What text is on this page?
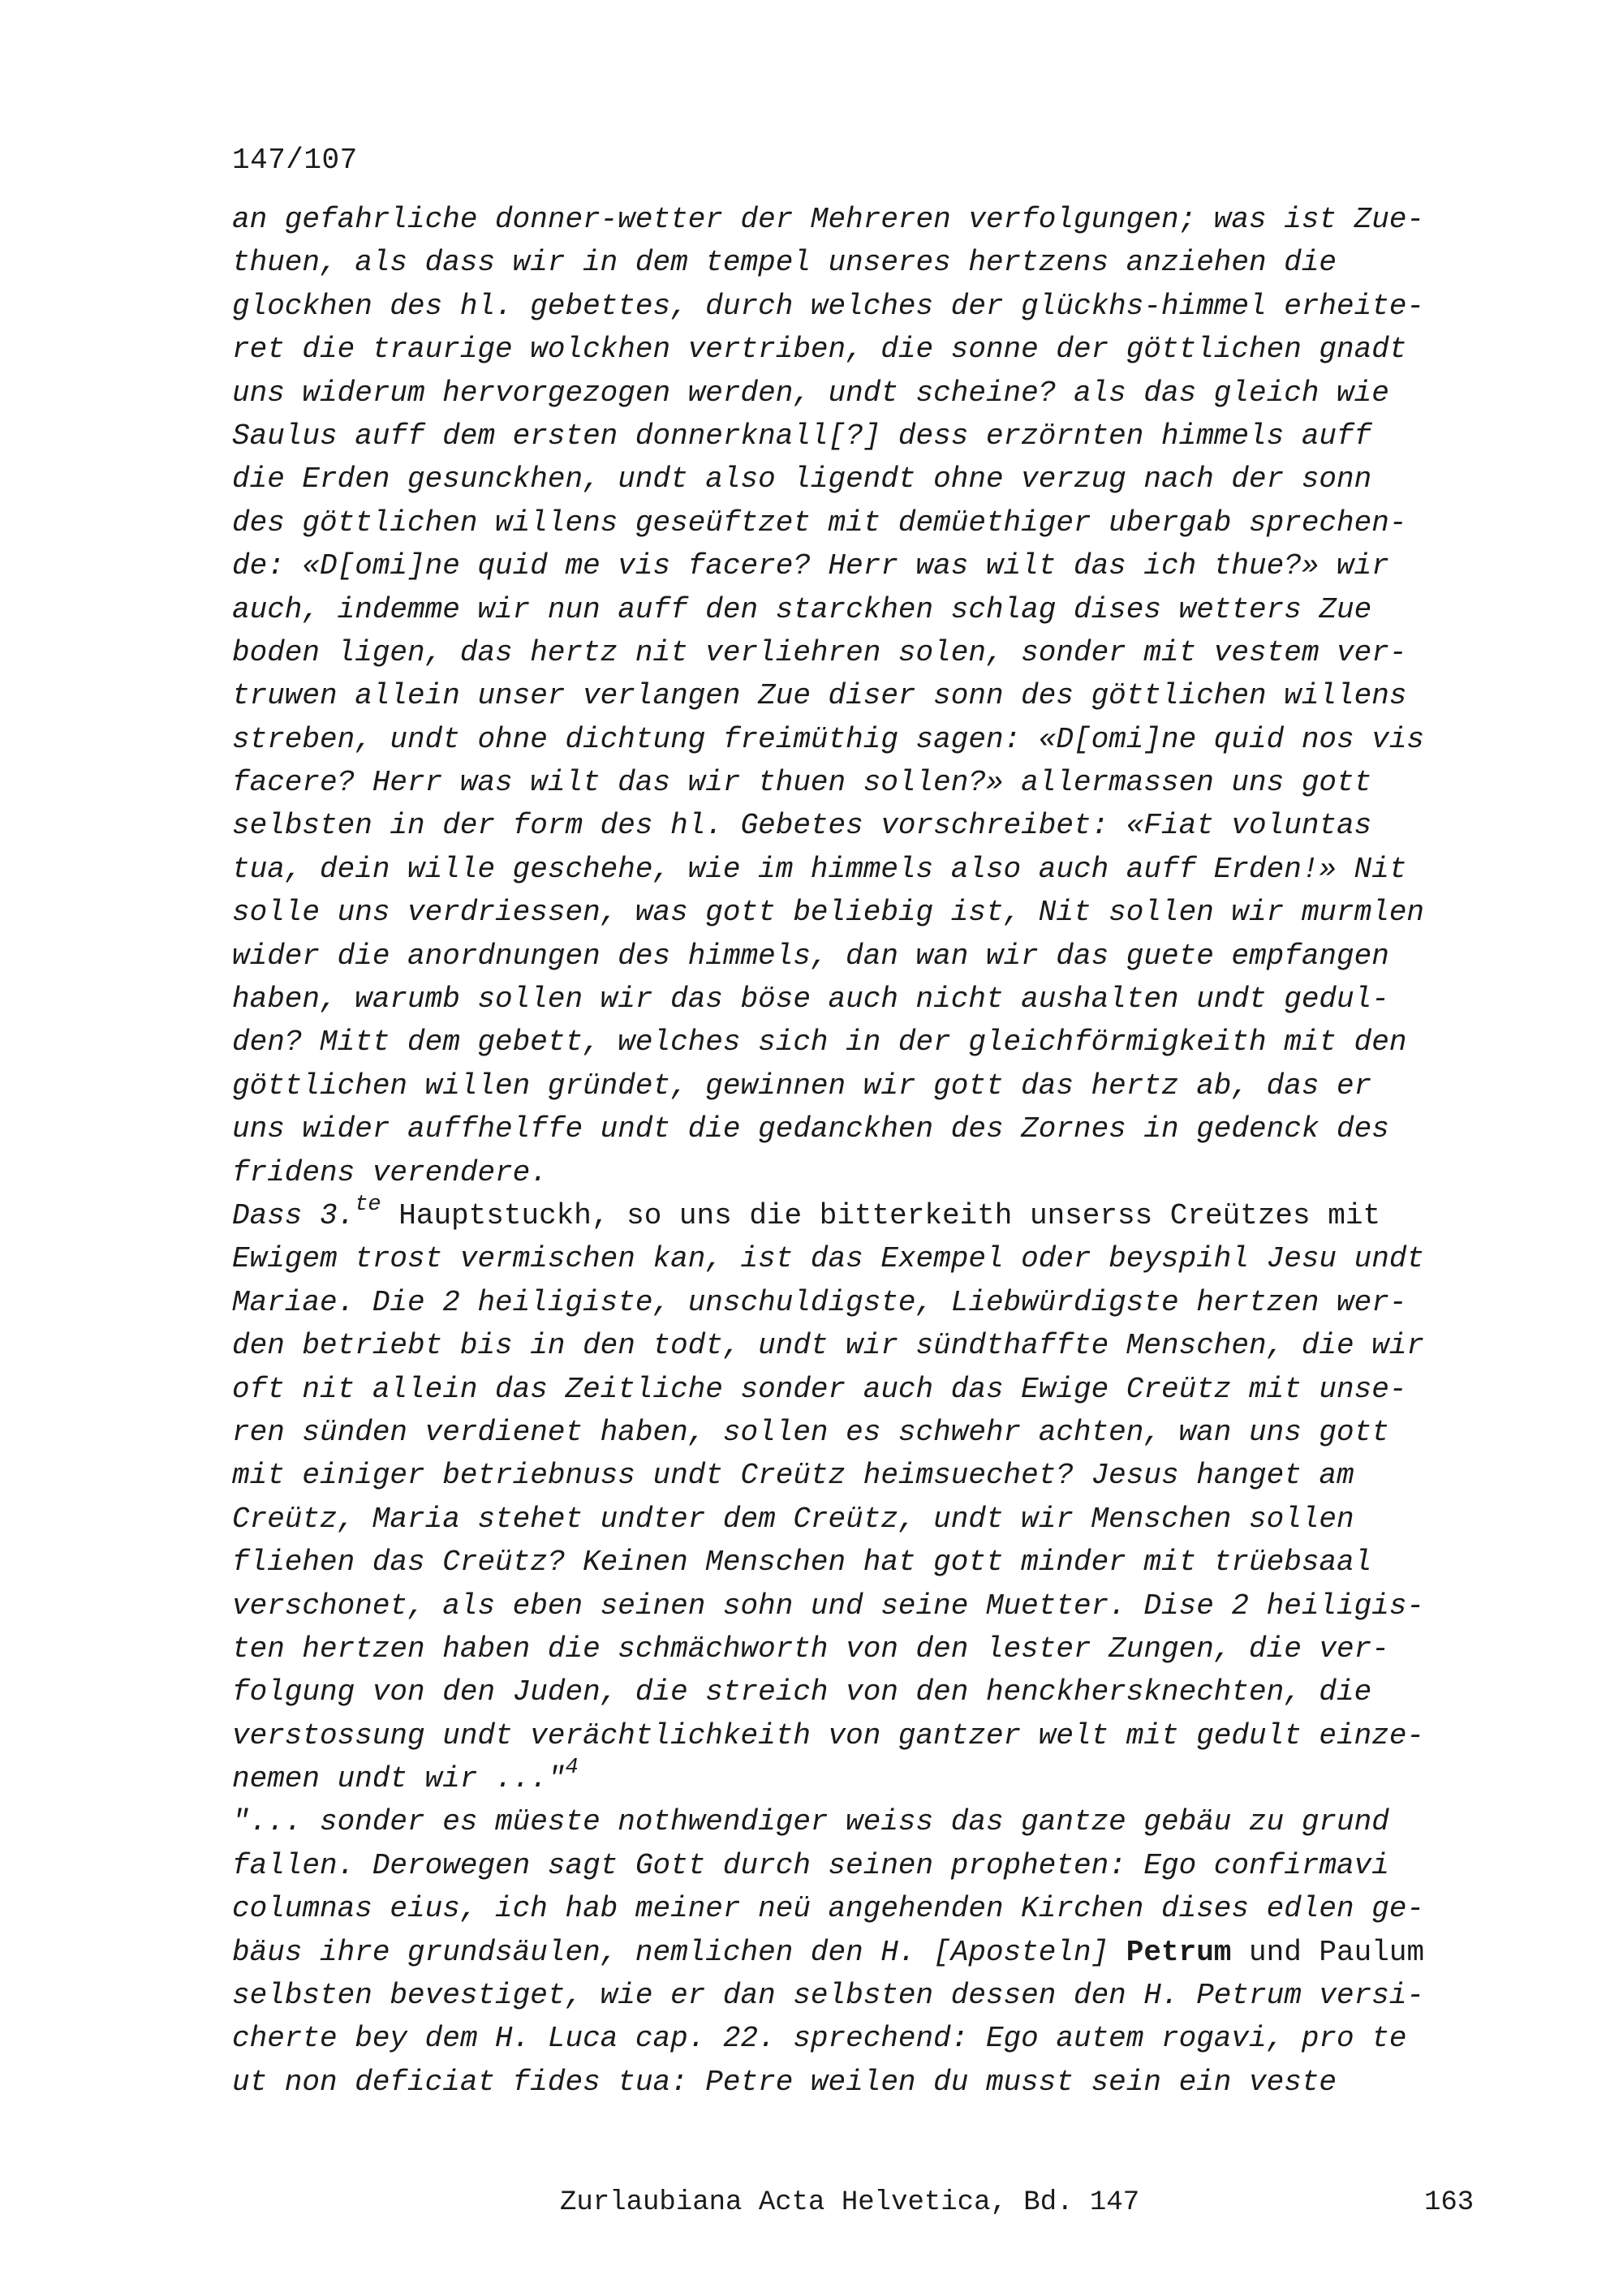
147/107
an gefahrliche donner-wetter der Mehreren verfolgungen; was ist Zue-
thuen, als dass wir in dem tempel unseres hertzens anziehen die
glockhen des hl. gebettes, durch welches der glückhs-himmel erheite-
ret die traurige wolckhen vertriben, die sonne der göttlichen gnadt
uns widerum hervorgezogen werden, undt scheine? als das gleich wie
Saulus auff dem ersten donnerknall[?] dess erzörnten himmels auff
die Erden gesunckhen, undt also ligendt ohne verzug nach der sonn
des göttlichen willens geseüftzet mit demüethiger ubergab sprechen-
de: «D[omi]ne quid me vis facere? Herr was wilt das ich thue?» wir
auch, indemme wir nun auff den starckhen schlag dises wetters Zue
boden ligen, das hertz nit verliehren solen, sonder mit vestem ver-
truwen allein unser verlangen Zue diser sonn des göttlichen willens
streben, undt ohne dichtung freimüthig sagen: «D[omi]ne quid nos vis
facere? Herr was wilt das wir thuen sollen?» allermassen uns gott
selbsten in der form des hl. Gebetes vorschreibet: «Fiat voluntas
tua, dein wille geschehe, wie im himmels also auch auff Erden!» Nit
solle uns verdriessen, was gott beliebig ist, Nit sollen wir murmlen
wider die anordnungen des himmels, dan wan wir das guete empfangen
haben, warumb sollen wir das böse auch nicht aushalten undt gedul-
den? Mitt dem gebett, welches sich in der gleichförmigkeith mit den
göttlichen willen gründet, gewinnen wir gott das hertz ab, das er
uns wider auffhelffe undt die gedanckhen des Zornes in gedenck des
fridens verendere.
Dass 3.$^{te}$ Hauptstuckh, so uns die bitterkeith unserss Creützes mit
Ewigem trost vermischen kan, ist das Exempel oder beyspihl Jesu undt
Mariae. Die 2 heiligiste, unschuldigste, Liebwürdigste hertzen wer-
den betriebt bis in den todt, undt wir sündthaffte Menschen, die wir
oft nit allein das Zeitliche sonder auch das Ewige Creütz mit unse-
ren sünden verdienet haben, sollen es schwehr achten, wan uns gott
mit einiger betriebnuss undt Creütz heimsuechet? Jesus hanget am
Creütz, Maria stehet undter dem Creütz, undt wir Menschen sollen
fliehen das Creütz? Keinen Menschen hat gott minder mit trüebsaal
verschonet, als eben seinen sohn und seine Muetter. Dise 2 heiligis-
ten hertzen haben die schmächworth von den lester Zungen, die ver-
folgung von den Juden, die streich von den henckhersknechten, die
verstossung undt verächtlichkeith von gantzer welt mit gedult einze-
nemen undt wir ..."$^4$
"... sonder es müeste nothwendiger weiss das gantze gebäu zu grund
fallen. Derowegen sagt Gott durch seinen propheten: Ego confirmavi
columnas eius, ich hab meiner neü angehenden Kirchen dises edlen ge-
bäus ihre grundsäulen, nemlichen den H. [Aposteln] Petrum und Paulum
selbsten bevestiget, wie er dan selbsten dessen den H. Petrum versi-
cherte bey dem H. Luca cap. 22. sprechend: Ego autem rogavi, pro te
ut non deficiat fides tua: Petre weilen du musst sein ein veste
Zurlaubiana Acta Helvetica, Bd. 147	163
